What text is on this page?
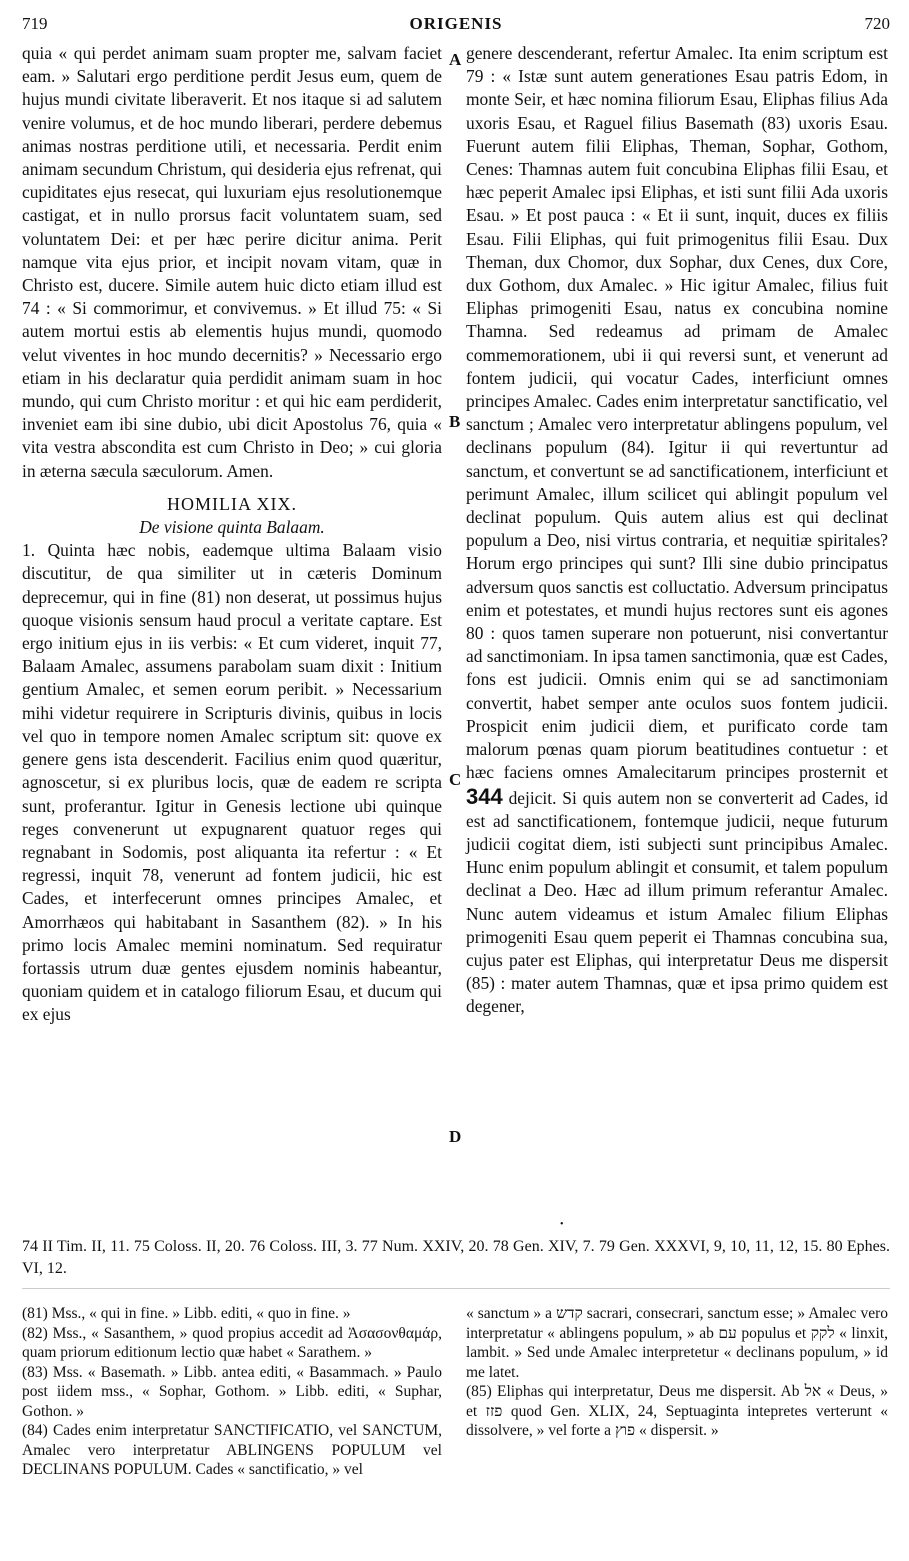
719	ORIGENIS	720
A
B
C
D

quia « qui perdet animam suam propter me, salvam faciet eam. » Salutari ergo perditione perdit Jesus eum, quem de hujus mundi civitate liberaverit. Et nos itaque si ad salutem venire volumus, et de hoc mundo liberari, perdere debemus animas nostras perditione utili, et necessaria. Perdit enim animam secundum Christum, qui desideria ejus refrenat, qui cupiditates ejus resecat, qui luxuriam ejus resolutionemque castigat, et in nullo prorsus facit voluntatem suam, sed voluntatem Dei: et per hæc perire dicitur anima. Perit namque vita ejus prior, et incipit novam vitam, quæ in Christo est, ducere. Simile autem huic dicto etiam illud est 74 : « Si commorimur, et convivemus. » Et illud 75: « Si autem mortui estis ab elementis hujus mundi, quomodo velut viventes in hoc mundo decernitis? » Necessario ergo etiam in his declaratur quia perdidit animam suam in hoc mundo, qui cum Christo moritur : et qui hic eam perdiderit, inveniet eam ibi sine dubio, ubi dicit Apostolus 76, quia « vita vestra abscondita est cum Christo in Deo; » cui gloria in æterna sæcula sæculorum. Amen.

HOMILIA XIX.

De visione quinta Balaam.

1. Quinta hæc nobis, eademque ultima Balaam visio discutitur, de qua similiter ut in cæteris Dominum deprecemur, qui in fine (81) non deserat, ut possimus hujus quoque visionis sensum haud procul a veritate captare. Est ergo initium ejus in iis verbis: « Et cum videret, inquit 77, Balaam Amalec, assumens parabolam suam dixit : Initium gentium Amalec, et semen eorum peribit. » Necessarium mihi videtur requirere in Scripturis divinis, quibus in locis vel quo in tempore nomen Amalec scriptum sit: quove ex genere gens ista descenderit. Facilius enim quod quæritur, agnoscetur, si ex pluribus locis, quæ de eadem re scripta sunt, proferantur. Igitur in Genesis lectione ubi quinque reges convenerunt ut expugnarent quatuor reges qui regnabant in Sodomis, post aliquanta ita refertur : « Et regressi, inquit 78, venerunt ad fontem judicii, hic est Cades, et interfecerunt omnes principes Amalec, et Amorrhæos qui habitabant in Sasanthem (82). » In his primo locis Amalec memini nominatum. Sed requiratur fortassis utrum duæ gentes ejusdem nominis habeantur, quoniam quidem et in catalogo filiorum Esau, et ducum qui ex ejus

genere descenderant, refertur Amalec. Ita enim scriptum est 79 : « Istæ sunt autem generationes Esau patris Edom, in monte Seir, et hæc nomina filiorum Esau, Eliphas filius Ada uxoris Esau, et Raguel filius Basemath (83) uxoris Esau. Fuerunt autem filii Eliphas, Theman, Sophar, Gothom, Cenes: Thamnas autem fuit concubina Eliphas filii Esau, et hæc peperit Amalec ipsi Eliphas, et isti sunt filii Ada uxoris Esau. » Et post pauca : « Et ii sunt, inquit, duces ex filiis Esau. Filii Eliphas, qui fuit primogenitus filii Esau. Dux Theman, dux Chomor, dux Sophar, dux Cenes, dux Core, dux Gothom, dux Amalec. » Hic igitur Amalec, filius fuit Eliphas primogeniti Esau, natus ex concubina nomine Thamna. Sed redeamus ad primam de Amalec commemorationem, ubi ii qui reversi sunt, et venerunt ad fontem judicii, qui vocatur Cades, interficiunt omnes principes Amalec. Cades enim interpretatur sanctificatio, vel sanctum ; Amalec vero interpretatur ablingens populum, vel declinans populum (84). Igitur ii qui revertuntur ad sanctum, et convertunt se ad sanctificationem, interficiunt et perimunt Amalec, illum scilicet qui ablingit populum vel declinat populum. Quis autem alius est qui declinat populum a Deo, nisi virtus contraria, et nequitiæ spiritales? Horum ergo principes qui sunt? Illi sine dubio principatus adversum quos sanctis est colluctatio. Adversum principatus enim et potestates, et mundi hujus rectores sunt eis agones 80 : quos tamen superare non potuerunt, nisi convertantur ad sanctimoniam. In ipsa tamen sanctimonia, quæ est Cades, fons est judicii. Omnis enim qui se ad sanctimoniam convertit, habet semper ante oculos suos fontem judicii. Prospicit enim judicii diem, et purificato corde tam malorum pœnas quam piorum beatitudines contuetur : et hæc faciens omnes Amalecitarum principes prosternit et 344 dejicit. Si quis autem non se converterit ad Cades, id est ad sanctificationem, fontemque judicii, neque futurum judicii cogitat diem, isti subjecti sunt principibus Amalec. Hunc enim populum ablingit et consumit, et talem populum declinat a Deo. Hæc ad illum primum referantur Amalec. Nunc autem videamus et istum Amalec filium Eliphas primogeniti Esau quem peperit ei Thamnas concubina sua, cujus pater est Eliphas, qui interpretatur Deus me dispersit (85) : mater autem Thamnas, quæ et ipsa primo quidem est degener,

•
74 II Tim. II, 11. 75 Coloss. II, 20. 76 Coloss. III, 3. 77 Num. XXIV, 20. 78 Gen. XIV, 7. 79 Gen. XXXVI, 9, 10, 11, 12, 15. 80 Ephes. VI, 12.

(81) Mss., « qui in fine. » Libb. editi, « quo in fine. »

(82) Mss., « Sasanthem, » quod propius accedit ad Ἀσασονθαμάρ, quam priorum editionum lectio quæ habet « Sarathem. »

(83) Mss. « Basemath. » Libb. antea editi, « Basammach. » Paulo post iidem mss., « Sophar, Gothom. » Libb. editi, « Suphar, Gothon. »

(84) Cades enim interpretatur SANCTIFICATIO, vel SANCTUM, Amalec vero interpretatur ABLINGENS POPULUM vel DECLINANS POPULUM. Cades « sanctificatio, » vel

« sanctum » a קדש sacrari, consecrari, sanctum esse; » Amalec vero interpretatur « ablingens populum, » ab עם populus et לקק « linxit, lambit. » Sed unde Amalec interpretetur « declinans populum, » id me latet.

(85) Eliphas qui interpretatur, Deus me dispersit. Ab אל « Deus, » et פזז quod Gen. XLIX, 24, Septuaginta intepretes verterunt « dissolvere, » vel forte a פוץ « dispersit. »
